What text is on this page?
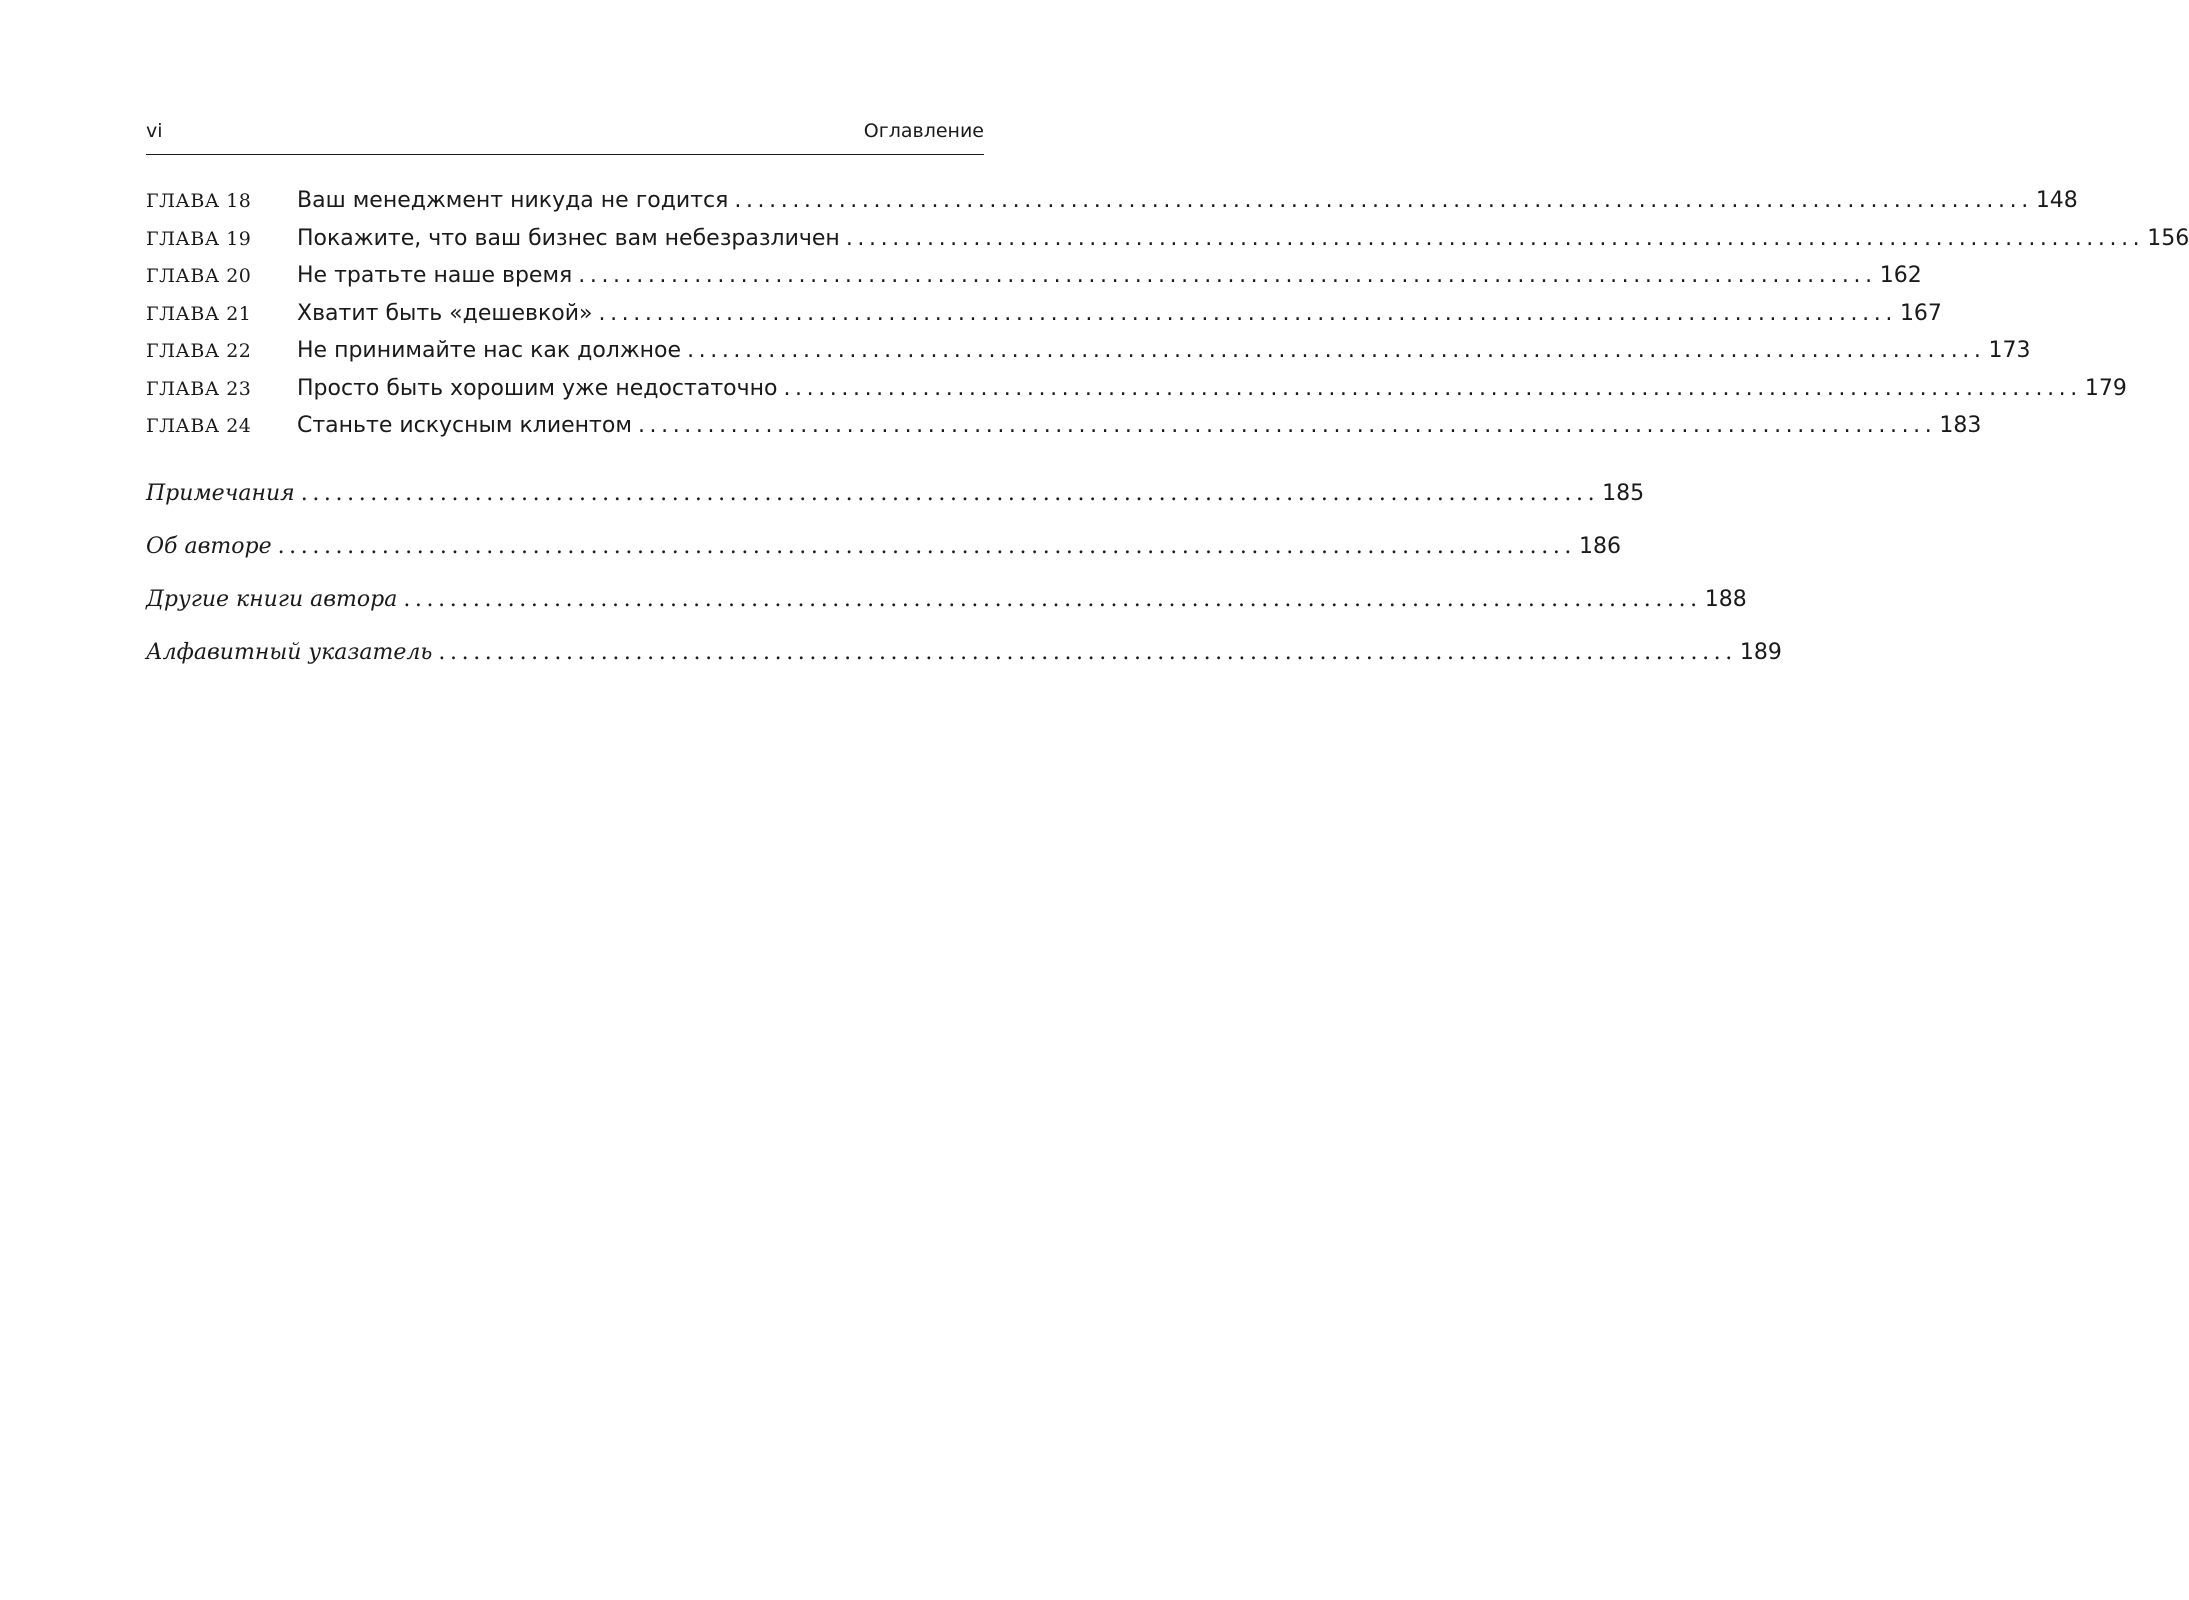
vi	Оглавление
ГЛАВА 18	Ваш менеджмент никуда не годится ................................................................................................................ 148
ГЛАВА 19	Покажите, что ваш бизнес вам небезразличен ................................................................................................................ 156
ГЛАВА 20	Не тратьте наше время ................................................................................................................ 162
ГЛАВА 21	Хватит быть «дешевкой» ................................................................................................................ 167
ГЛАВА 22	Не принимайте нас как должное ................................................................................................................ 173
ГЛАВА 23	Просто быть хорошим уже недостаточно ................................................................................................................ 179
ГЛАВА 24	Станьте искусным клиентом ................................................................................................................ 183
Примечания ................................................................................................................ 185
Об авторе ................................................................................................................ 186
Другие книги автора ................................................................................................................ 188
Алфавитный указатель ................................................................................................................ 189
